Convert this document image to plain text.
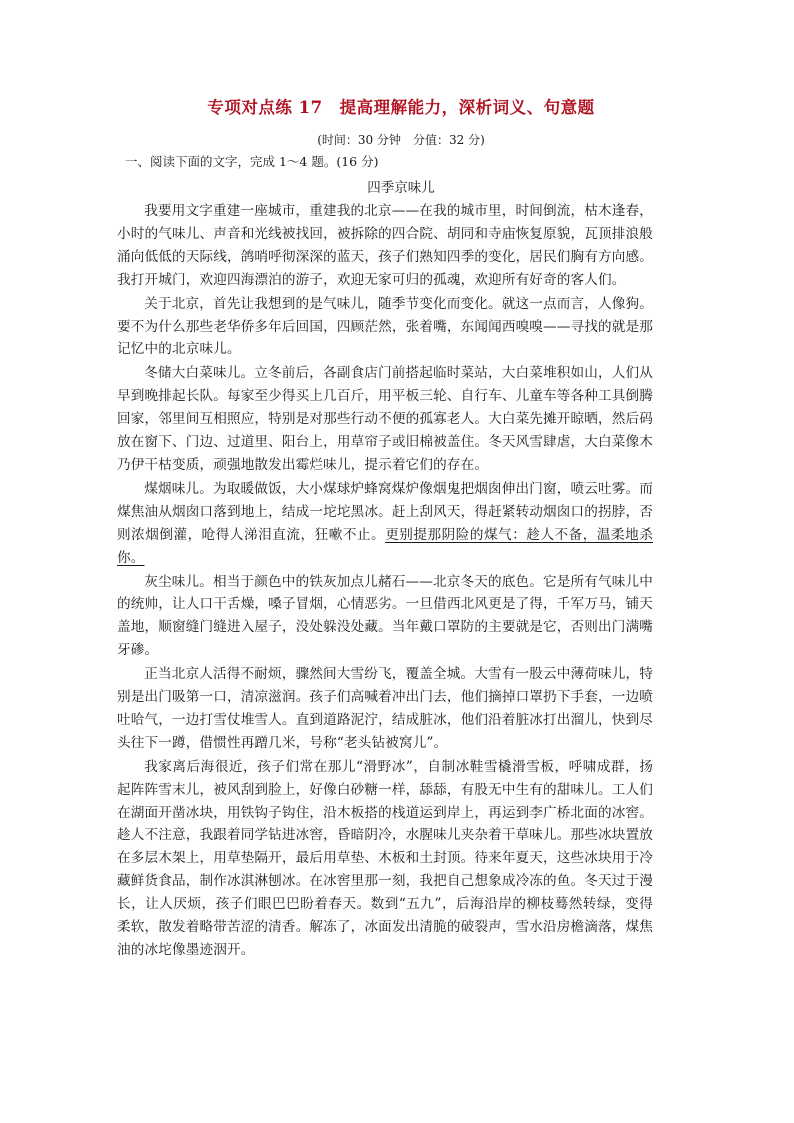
专项对点练 17　提高理解能力，深析词义、句意题
(时间：30 分钟　分值：32 分)
一、阅读下面的文字，完成 1～4 题。(16 分)
四季京味儿

我要用文字重建一座城市，重建我的北京——在我的城市里，时间倒流，枯木逢春，小时的气味儿、声音和光线被找回，被拆除的四合院、胡同和寺庙恢复原貌，瓦顶排浪般涌向低低的天际线，鸽哨呼彻深深的蓝天，孩子们熟知四季的变化，居民们胸有方向感。我打开城门，欢迎四海漂泊的游子，欢迎无家可归的孤魂，欢迎所有好奇的客人们。

关于北京，首先让我想到的是气味儿，随季节变化而变化。就这一点而言，人像狗。要不为什么那些老华侨多年后回国，四顾茫然，张着嘴，东闻闻西嗅嗅——寻找的就是那记忆中的北京味儿。

冬储大白菜味儿。立冬前后，各副食店门前搭起临时菜站，大白菜堆积如山，人们从早到晚排起长队。每家至少得买上几百斤，用平板三轮、自行车、儿童车等各种工具倒腾回家，邻里间互相照应，特别是对那些行动不便的孤寡老人。大白菜先摊开晾晒，然后码放在窗下、门边、过道里、阳台上，用草帘子或旧棉被盖住。冬天风雪肆虐，大白菜像木乃伊干枯变质，顽强地散发出霉烂味儿，提示着它们的存在。

煤烟味儿。为取暖做饭，大小煤球炉蜂窝煤炉像烟鬼把烟囱伸出门窗，喷云吐雾。而煤焦油从烟囱口落到地上，结成一坨坨黑冰。赶上刮风天，得赶紧转动烟囱口的拐脖，否则浓烟倒灌，呛得人涕泪直流，狂嗽不止。更别提那阴险的煤气：趁人不备，温柔地杀你。

灰尘味儿。相当于颜色中的铁灰加点儿赭石——北京冬天的底色。它是所有气味儿中的统帅，让人口干舌燥，嗓子冒烟，心情恶劣。一旦借西北风更是了得，千军万马，铺天盖地，顺窗缝门缝进入屋子，没处躲没处藏。当年戴口罩防的主要就是它，否则出门满嘴牙碜。

正当北京人活得不耐烦，骤然间大雪纷飞，覆盖全城。大雪有一股云中薄荷味儿，特别是出门吸第一口，清凉滋润。孩子们高喊着冲出门去，他们摘掉口罩扔下手套，一边喷吐哈气，一边打雪仗堆雪人。直到道路泥泞，结成脏冰，他们沿着脏冰打出溜儿，快到尽头往下一蹲，借惯性再蹭几米，号称“老头钻被窝儿”。

我家离后海很近，孩子们常在那儿“滑野冰”，自制冰鞋雪橇滑雪板，呼啸成群，扬起阵阵雪末儿，被风刮到脸上，好像白砂糖一样，舔舔，有股无中生有的甜味儿。工人们在湖面开凿冰块，用铁钩子钩住，沿木板搭的栈道运到岸上，再运到李广桥北面的冰窖。趁人不注意，我跟着同学钻进冰窖，昏暗阴冷，水腥味儿夹杂着干草味儿。那些冰块置放在多层木架上，用草垫隔开，最后用草垫、木板和土封顶。待来年夏天，这些冰块用于冷藏鲜货食品，制作冰淇淋刨冰。在冰窖里那一刻，我把自己想象成冷冻的鱼。冬天过于漫长，让人厌烦，孩子们眼巴巴盼着春天。数到“五九”，后海沿岸的柳枝蓦然转绿，变得柔软，散发着略带苦涩的清香。解冻了，冰面发出清脆的破裂声，雪水沿房檐滴落，煤焦油的冰坨像墨迹洇开。
